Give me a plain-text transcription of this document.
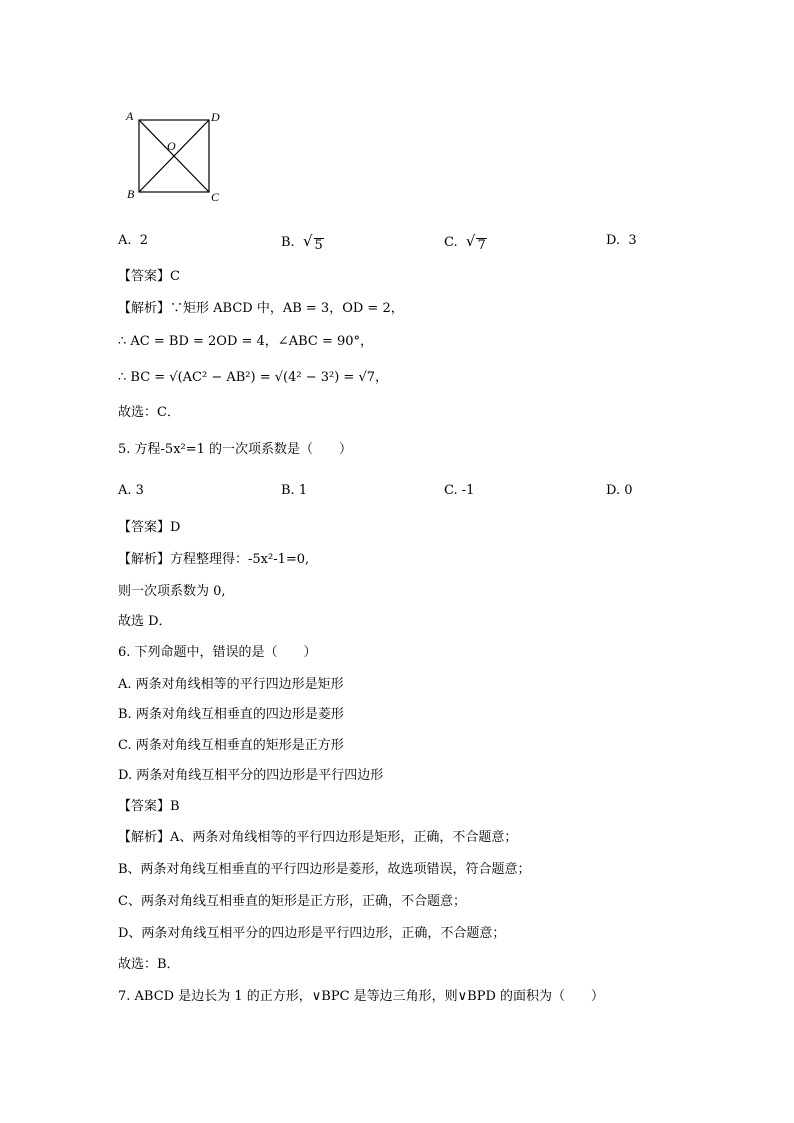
A	D
B	C
O
A. 2	B. √ 5	C. √ 7	D. 3
【答案】C
【解析】∵矩形 ABCD 中，AB = 3，OD = 2，
∴ AC = BD = 2OD = 4，∠ABC = 90°，
∴ BC = √(AC² − AB²) = √(4² − 3²) = √7，
故选：C．
5. 方程-5x²=1 的一次项系数是（　　）
A. 3	B. 1	C. -1	D. 0
【答案】D
【解析】方程整理得：-5x²-1=0,
则一次项系数为 0,
故选 D．
6. 下列命题中，错误的是（　　）
A. 两条对角线相等的平行四边形是矩形
B. 两条对角线互相垂直的四边形是菱形
C. 两条对角线互相垂直的矩形是正方形
D. 两条对角线互相平分的四边形是平行四边形
【答案】B
【解析】A、两条对角线相等的平行四边形是矩形，正确，不合题意；
B、两条对角线互相垂直的平行四边形是菱形，故选项错误，符合题意；
C、两条对角线互相垂直的矩形是正方形，正确，不合题意；
D、两条对角线互相平分的四边形是平行四边形，正确，不合题意；
故选：B．
7. ABCD 是边长为 1 的正方形，∨BPC 是等边三角形，则∨BPD 的面积为（　　）
